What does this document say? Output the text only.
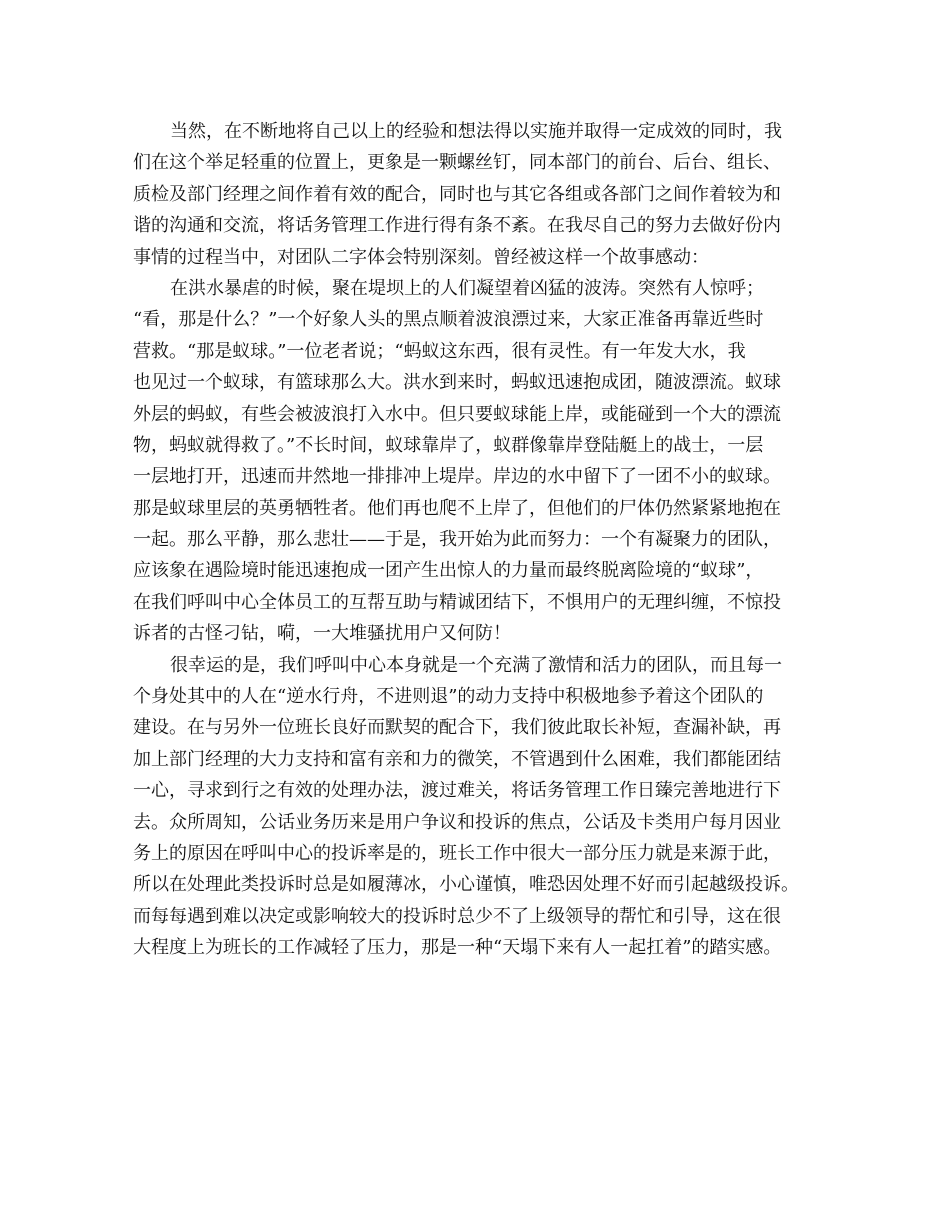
当然，在不断地将自己以上的经验和想法得以实施并取得一定成效的同时，我
们在这个举足轻重的位置上，更象是一颗螺丝钉，同本部门的前台、后台、组长、
质检及部门经理之间作着有效的配合，同时也与其它各组或各部门之间作着较为和
谐的沟通和交流，将话务管理工作进行得有条不紊。在我尽自己的努力去做好份内
事情的过程当中，对团队二字体会特别深刻。曾经被这样一个故事感动：
在洪水暴虐的时候，聚在堤坝上的人们凝望着凶猛的波涛。突然有人惊呼；
“看，那是什么？”一个好象人头的黑点顺着波浪漂过来，大家正准备再靠近些时
营救。“那是蚁球。”一位老者说；“蚂蚁这东西，很有灵性。有一年发大水，我
也见过一个蚁球，有篮球那么大。洪水到来时，蚂蚁迅速抱成团，随波漂流。蚁球
外层的蚂蚁，有些会被波浪打入水中。但只要蚁球能上岸，或能碰到一个大的漂流
物，蚂蚁就得救了。”不长时间，蚁球靠岸了，蚁群像靠岸登陆艇上的战士，一层
一层地打开，迅速而井然地一排排冲上堤岸。岸边的水中留下了一团不小的蚁球。
那是蚁球里层的英勇牺牲者。他们再也爬不上岸了，但他们的尸体仍然紧紧地抱在
一起。那么平静，那么悲壮——于是，我开始为此而努力：一个有凝聚力的团队，
应该象在遇险境时能迅速抱成一团产生出惊人的力量而最终脱离险境的“蚁球”，
在我们呼叫中心全体员工的互帮互助与精诚团结下，不惧用户的无理纠缠，不惊投
诉者的古怪刁钻，嗬，一大堆骚扰用户又何防！
很幸运的是，我们呼叫中心本身就是一个充满了激情和活力的团队，而且每一
个身处其中的人在“逆水行舟，不进则退”的动力支持中积极地参予着这个团队的
建设。在与另外一位班长良好而默契的配合下，我们彼此取长补短，查漏补缺，再
加上部门经理的大力支持和富有亲和力的微笑，不管遇到什么困难，我们都能团结
一心，寻求到行之有效的处理办法，渡过难关，将话务管理工作日臻完善地进行下
去。众所周知，公话业务历来是用户争议和投诉的焦点，公话及卡类用户每月因业
务上的原因在呼叫中心的投诉率是的，班长工作中很大一部分压力就是来源于此，
所以在处理此类投诉时总是如履薄冰，小心谨慎，唯恐因处理不好而引起越级投诉。
而每每遇到难以决定或影响较大的投诉时总少不了上级领导的帮忙和引导，这在很
大程度上为班长的工作减轻了压力，那是一种“天塌下来有人一起扛着”的踏实感。
